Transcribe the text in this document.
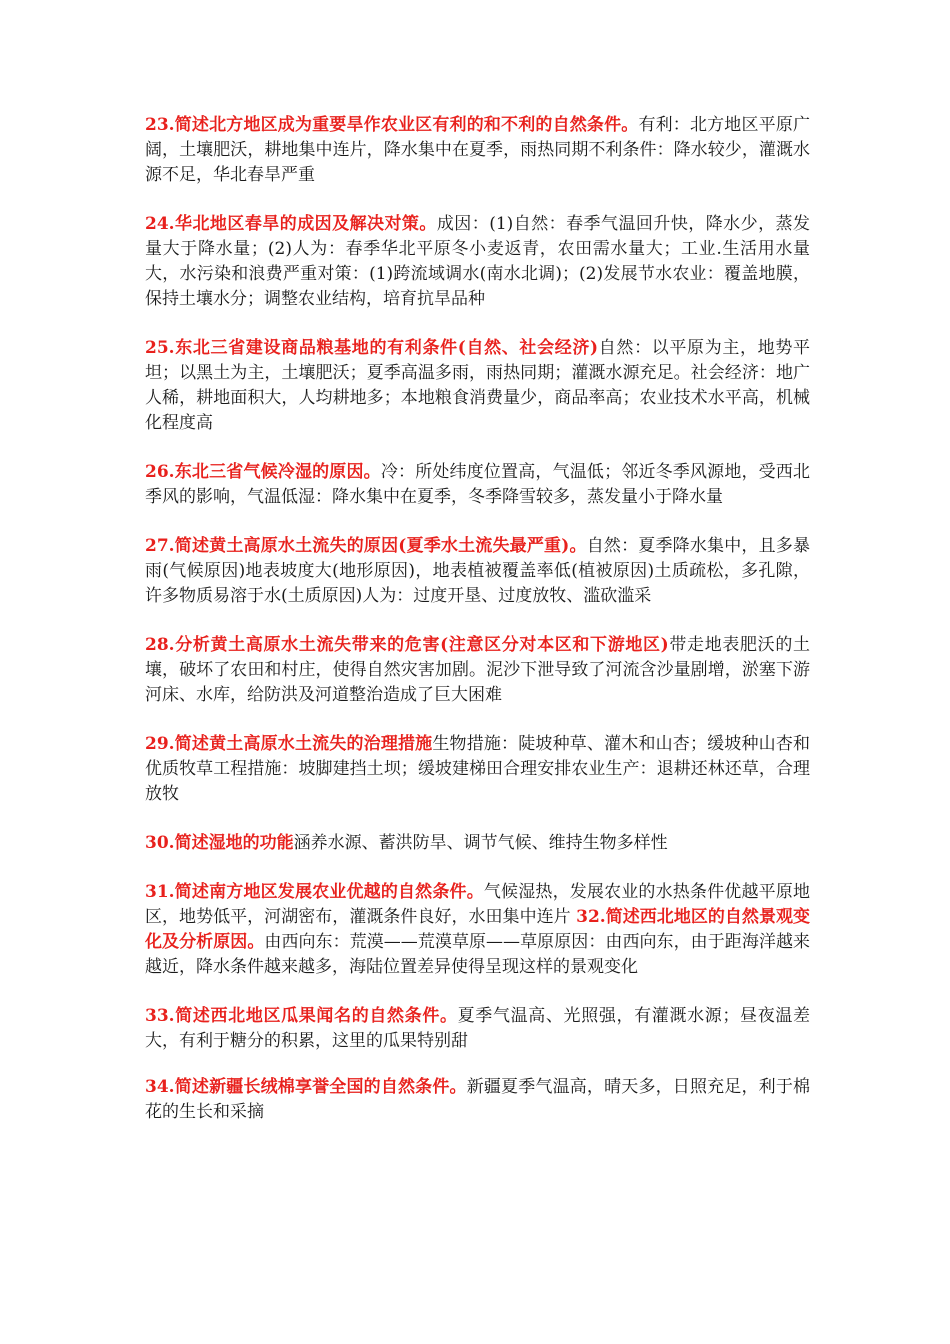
23.简述北方地区成为重要旱作农业区有利的和不利的自然条件。有利：北方地区平原广阔，土壤肥沃，耕地集中连片，降水集中在夏季，雨热同期不利条件：降水较少，灌溉水源不足，华北春旱严重

24.华北地区春旱的成因及解决对策。成因：(1)自然：春季气温回升快，降水少，蒸发量大于降水量；(2)人为：春季华北平原冬小麦返青，农田需水量大；工业.生活用水量大，水污染和浪费严重对策：(1)跨流域调水(南水北调)；(2)发展节水农业：覆盖地膜，保持土壤水分；调整农业结构，培育抗旱品种

25.东北三省建设商品粮基地的有利条件(自然、社会经济)自然：以平原为主，地势平坦；以黑土为主，土壤肥沃；夏季高温多雨，雨热同期；灌溉水源充足。社会经济：地广人稀，耕地面积大，人均耕地多；本地粮食消费量少，商品率高；农业技术水平高，机械化程度高

26.东北三省气候冷湿的原因。冷：所处纬度位置高，气温低；邻近冬季风源地，受西北季风的影响，气温低湿：降水集中在夏季，冬季降雪较多，蒸发量小于降水量

27.简述黄土高原水土流失的原因(夏季水土流失最严重)。自然：夏季降水集中，且多暴雨(气候原因)地表坡度大(地形原因)，地表植被覆盖率低(植被原因)土质疏松，多孔隙，许多物质易溶于水(土质原因)人为：过度开垦、过度放牧、滥砍滥采

28.分析黄土高原水土流失带来的危害(注意区分对本区和下游地区)带走地表肥沃的土壤，破坏了农田和村庄，使得自然灾害加剧。泥沙下泄导致了河流含沙量剧增，淤塞下游河床、水库，给防洪及河道整治造成了巨大困难

29.简述黄土高原水土流失的治理措施生物措施：陡坡种草、灌木和山杏；缓坡种山杏和优质牧草工程措施：坡脚建挡土坝；缓坡建梯田合理安排农业生产：退耕还林还草，合理放牧

30.简述湿地的功能涵养水源、蓄洪防旱、调节气候、维持生物多样性

31.简述南方地区发展农业优越的自然条件。气候湿热，发展农业的水热条件优越平原地区，地势低平，河湖密布，灌溉条件良好，水田集中连片 32.简述西北地区的自然景观变化及分析原因。由西向东：荒漠——荒漠草原——草原原因：由西向东，由于距海洋越来越近，降水条件越来越多，海陆位置差异使得呈现这样的景观变化

33.简述西北地区瓜果闻名的自然条件。夏季气温高、光照强，有灌溉水源；昼夜温差大，有利于糖分的积累，这里的瓜果特别甜

34.简述新疆长绒棉享誉全国的自然条件。新疆夏季气温高，晴天多，日照充足，利于棉花的生长和采摘
